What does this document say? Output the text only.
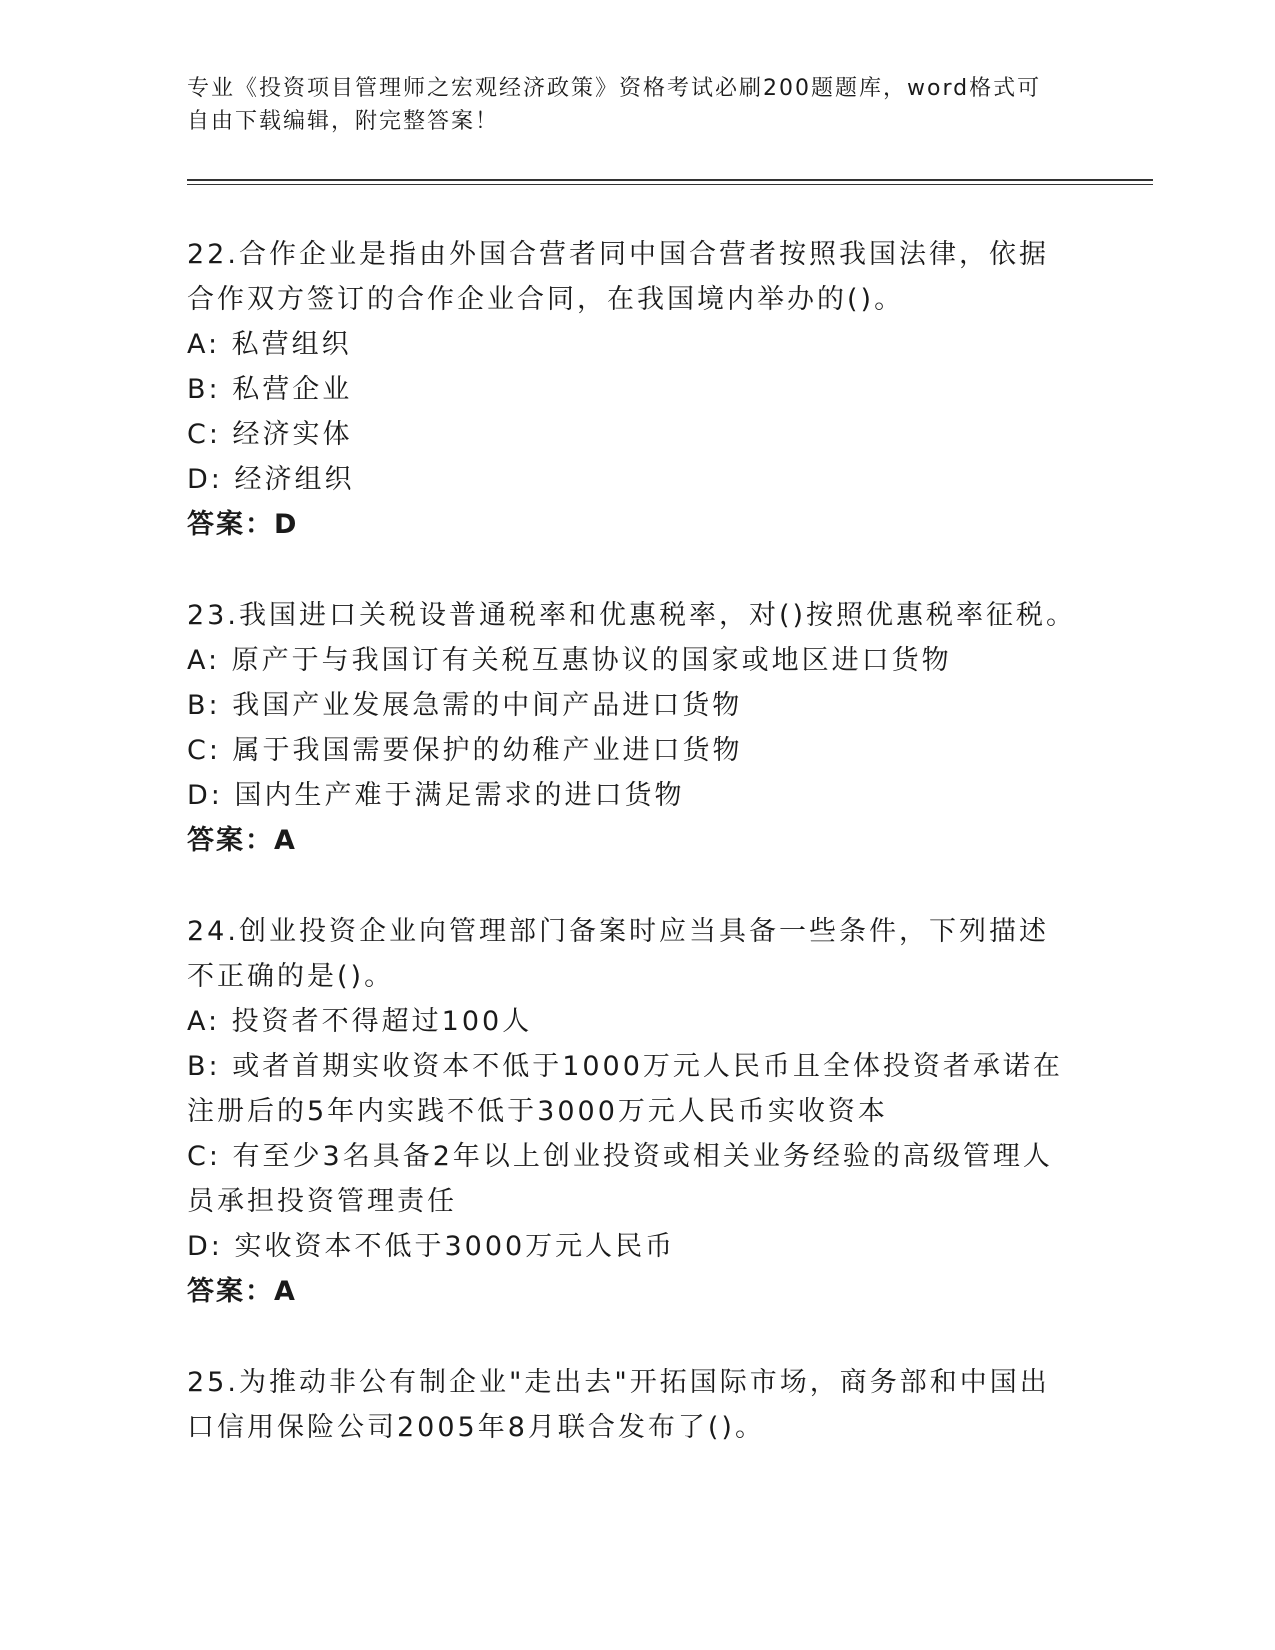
专业《投资项目管理师之宏观经济政策》资格考试必刷200题题库，word格式可
自由下载编辑，附完整答案！
22.合作企业是指由外国合营者同中国合营者按照我国法律，依据合作双方签订的合作企业合同，在我国境内举办的()。
A: 私营组织
B: 私营企业
C: 经济实体
D: 经济组织
答案：D
23.我国进口关税设普通税率和优惠税率，对()按照优惠税率征税。
A: 原产于与我国订有关税互惠协议的国家或地区进口货物
B: 我国产业发展急需的中间产品进口货物
C: 属于我国需要保护的幼稚产业进口货物
D: 国内生产难于满足需求的进口货物
答案：A
24.创业投资企业向管理部门备案时应当具备一些条件，下列描述不正确的是()。
A: 投资者不得超过100人
B: 或者首期实收资本不低于1000万元人民币且全体投资者承诺在注册后的5年内实践不低于3000万元人民币实收资本
C: 有至少3名具备2年以上创业投资或相关业务经验的高级管理人员承担投资管理责任
D: 实收资本不低于3000万元人民币
答案：A
25.为推动非公有制企业"走出去"开拓国际市场，商务部和中国出口信用保险公司2005年8月联合发布了()。
